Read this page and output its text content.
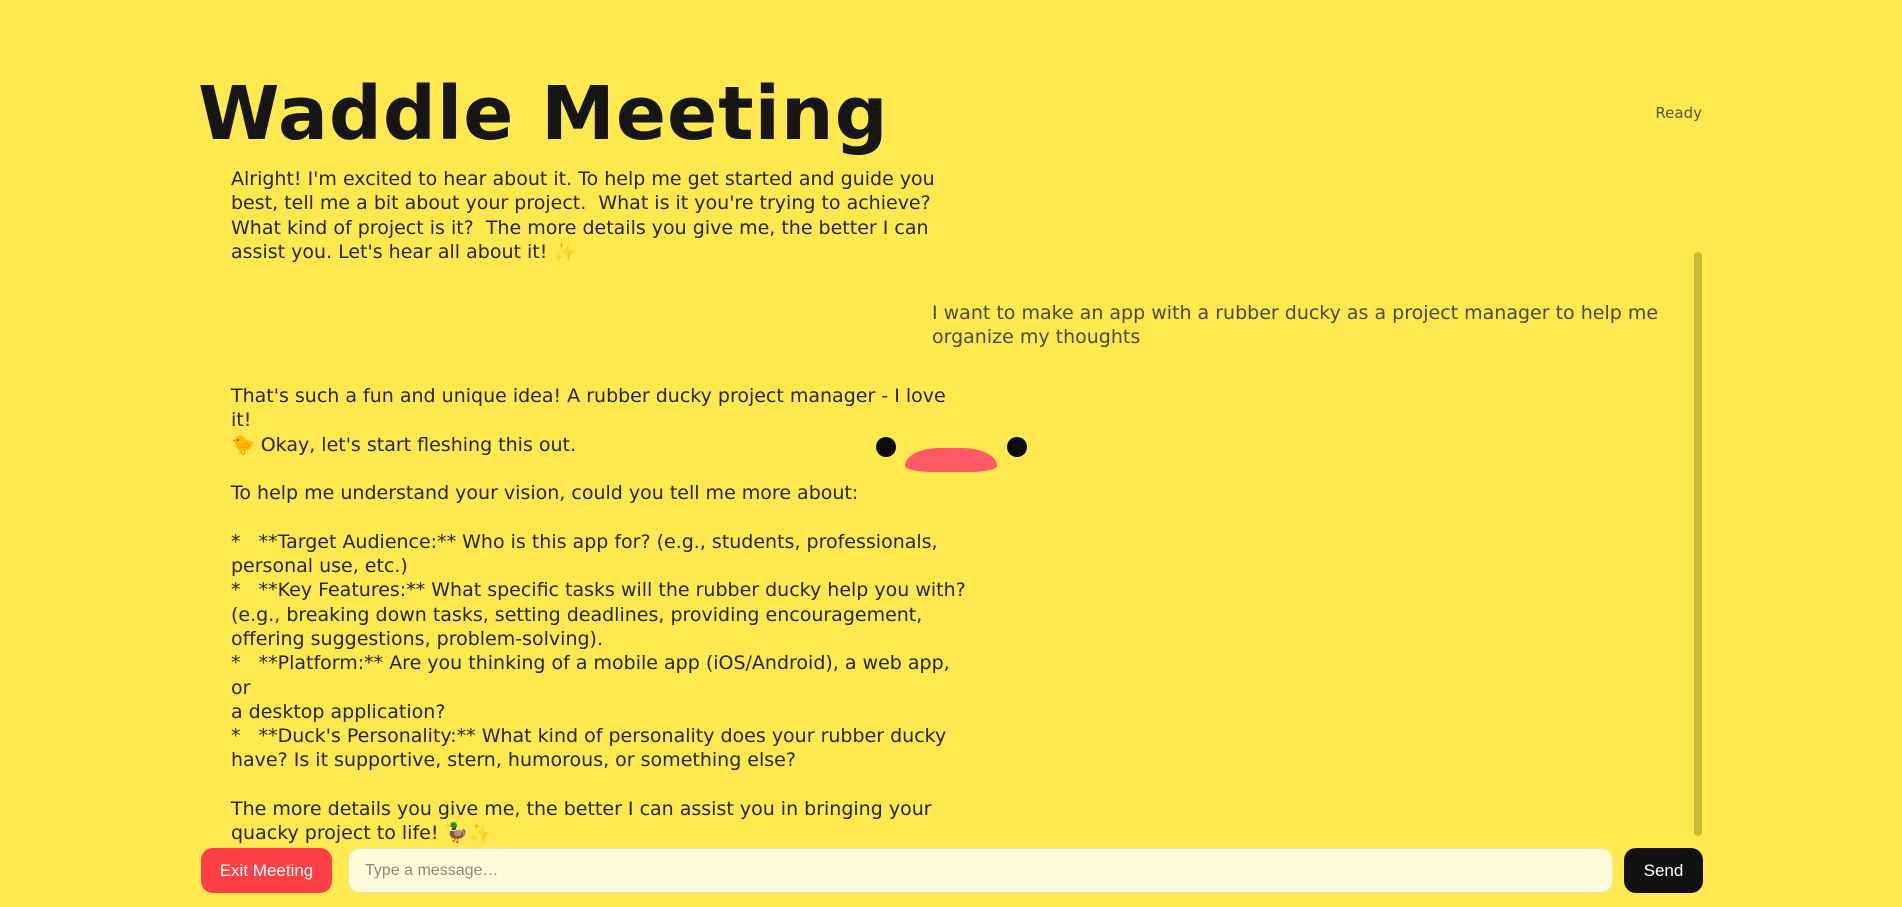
Waddle Meeting	Ready

Alright! I'm excited to hear about it. To help me get started and guide you
best, tell me a bit about your project.  What is it you're trying to achieve?
What kind of project is it?  The more details you give me, the better I can
assist you. Let's hear all about it! ✨

I want to make an app with a rubber ducky as a project manager to help me
organize my thoughts

That's such a fun and unique idea! A rubber ducky project manager - I love it!
🐤 Okay, let's start fleshing this out.

To help me understand your vision, could you tell me more about:

*   **Target Audience:** Who is this app for? (e.g., students, professionals,
personal use, etc.)
*   **Key Features:** What specific tasks will the rubber ducky help you with?
(e.g., breaking down tasks, setting deadlines, providing encouragement,
offering suggestions, problem-solving).
*   **Platform:** Are you thinking of a mobile app (iOS/Android), a web app, or
a desktop application?
*   **Duck's Personality:** What kind of personality does your rubber ducky
have? Is it supportive, stern, humorous, or something else?

The more details you give me, the better I can assist you in bringing your
quacky project to life! 🦆✨

Exit Meeting
Type a message…	Send
